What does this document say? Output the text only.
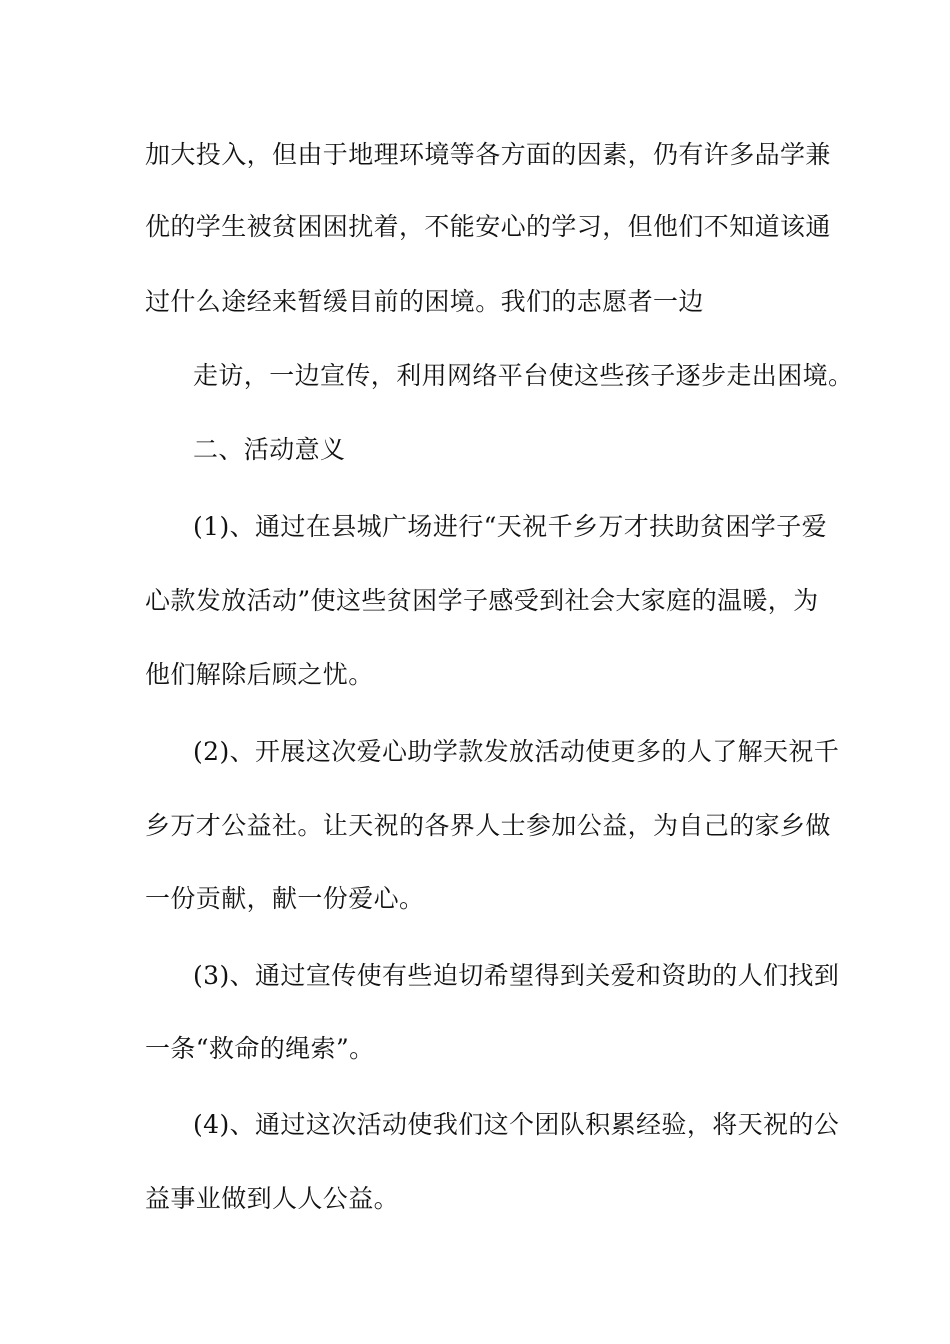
加大投入，但由于地理环境等各方面的因素，仍有许多品学兼
优的学生被贫困困扰着，不能安心的学习，但他们不知道该通
过什么途经来暂缓目前的困境。我们的志愿者一边
走访，一边宣传，利用网络平台使这些孩子逐步走出困境。
二、活动意义
(1)、通过在县城广场进行“天祝千乡万才扶助贫困学子爱
心款发放活动”使这些贫困学子感受到社会大家庭的温暖，为
他们解除后顾之忧。
(2)、开展这次爱心助学款发放活动使更多的人了解天祝千
乡万才公益社。让天祝的各界人士参加公益，为自己的家乡做
一份贡献，献一份爱心。
(3)、通过宣传使有些迫切希望得到关爱和资助的人们找到
一条“救命的绳索”。
(4)、通过这次活动使我们这个团队积累经验，将天祝的公
益事业做到人人公益。
